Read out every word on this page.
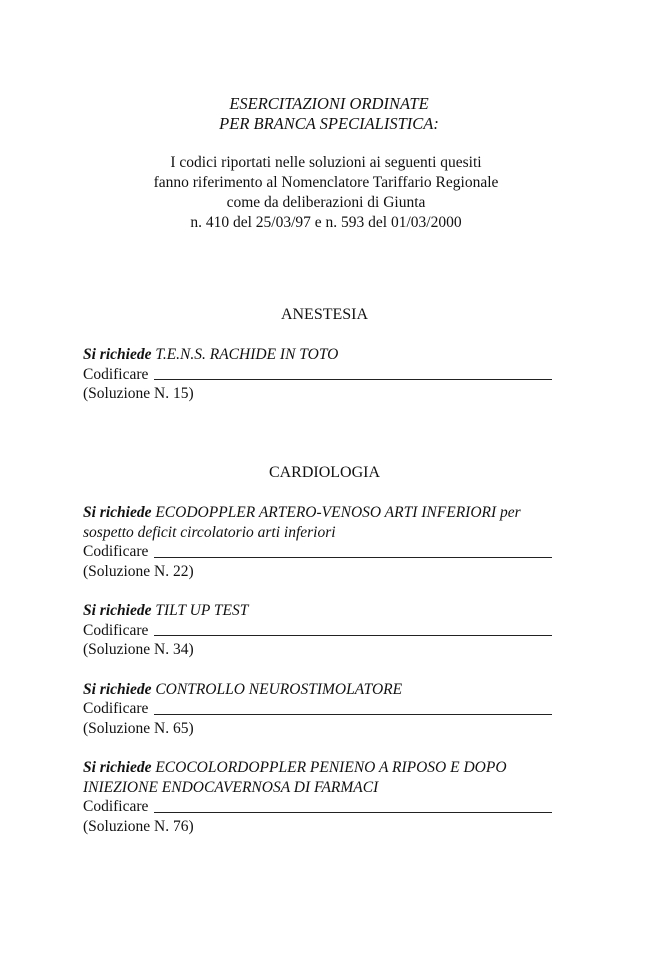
ESERCITAZIONI ORDINATE
PER BRANCA SPECIALISTICA:
I codici riportati nelle soluzioni ai seguenti quesiti
fanno riferimento al Nomenclatore Tariffario Regionale
come da deliberazioni di Giunta
n. 410 del 25/03/97 e n. 593 del 01/03/2000
ANESTESIA
Si richiede T.E.N.S. RACHIDE IN TOTO
Codificare
(Soluzione N. 15)
CARDIOLOGIA
Si richiede ECODOPPLER ARTERO-VENOSO ARTI INFERIORI per
sospetto deficit circolatorio arti inferiori
Codificare
(Soluzione N. 22)
Si richiede TILT UP TEST
Codificare
(Soluzione N. 34)
Si richiede CONTROLLO NEUROSTIMOLATORE
Codificare
(Soluzione N. 65)
Si richiede ECOCOLORDOPPLER PENIENO A RIPOSO E DOPO
INIEZIONE ENDOCAVERNOSA DI FARMACI
Codificare
(Soluzione N. 76)
